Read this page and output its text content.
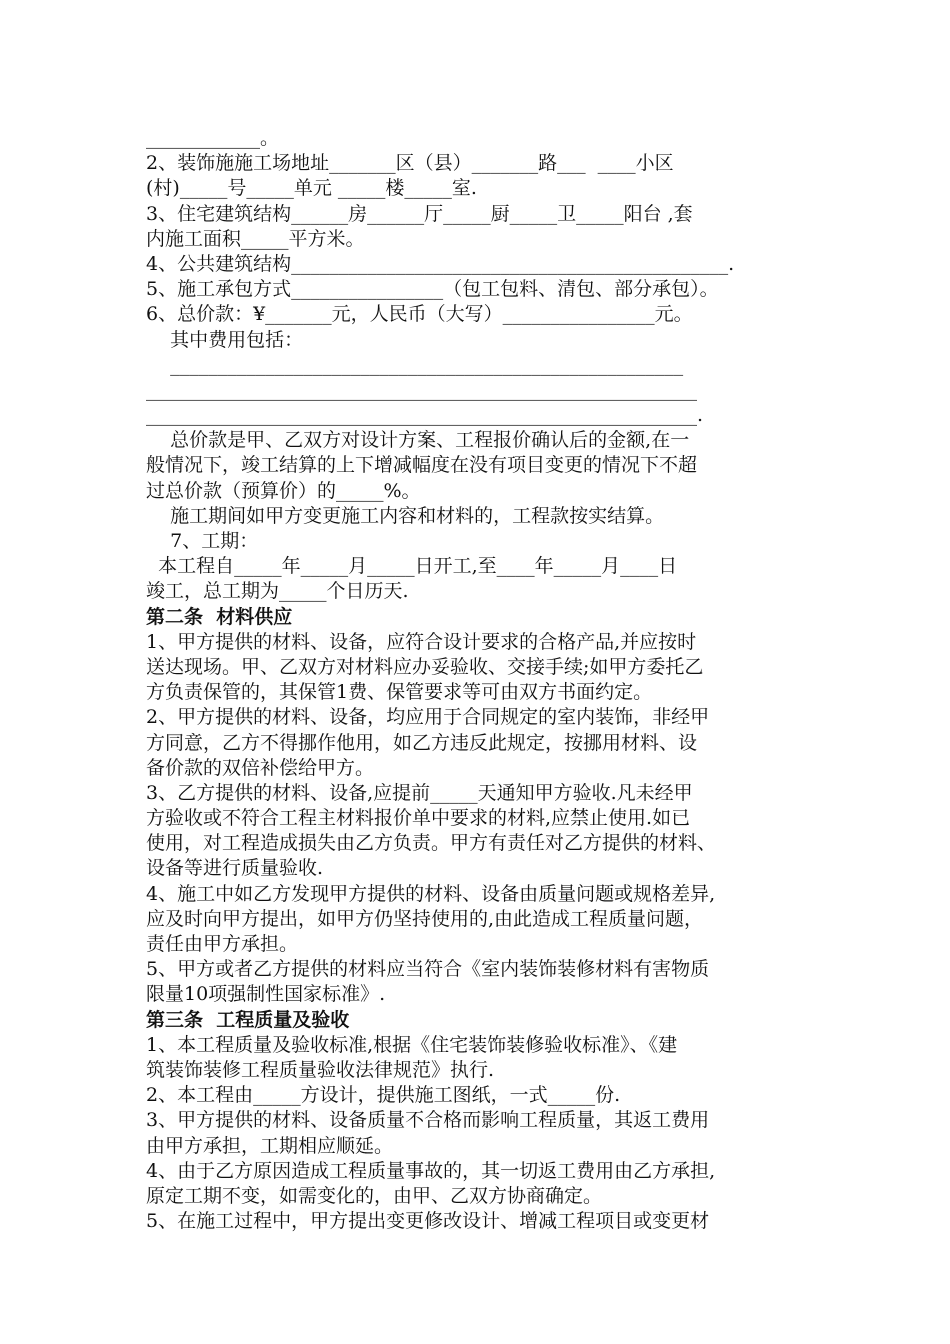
____________。
2、装饰施施工场地址_______区（县）_______路___  ____小区
(村)_____号_____单元 _____楼_____室.
3、住宅建筑结构______房______厅_____厨_____卫_____阳台 ,套
内施工面积_____平方米。
4、公共建筑结构______________________________________________.
5、施工承包方式________________（包工包料、清包、部分承包）。
6、总价款：¥_______元，人民币（大写）________________元。
其中费用包括：
______________________________________________________
__________________________________________________________
__________________________________________________________.
总价款是甲、乙双方对设计方案、工程报价确认后的金额,在一
般情况下，竣工结算的上下增减幅度在没有项目变更的情况下不超
过总价款（预算价）的_____%。
施工期间如甲方变更施工内容和材料的，工程款按实结算。
7、工期：
本工程自_____年_____月_____日开工,至____年_____月____日
竣工，总工期为_____个日历天.
第二条  材料供应
1、甲方提供的材料、设备，应符合设计要求的合格产品,并应按时
送达现场。甲、乙双方对材料应办妥验收、交接手续;如甲方委托乙
方负责保管的，其保管1费、保管要求等可由双方书面约定。
2、甲方提供的材料、设备，均应用于合同规定的室内装饰，非经甲
方同意，乙方不得挪作他用，如乙方违反此规定，按挪用材料、设
备价款的双倍补偿给甲方。
3、乙方提供的材料、设备,应提前_____天通知甲方验收.凡未经甲
方验收或不符合工程主材料报价单中要求的材料,应禁止使用.如已
使用，对工程造成损失由乙方负责。甲方有责任对乙方提供的材料、
设备等进行质量验收.
4、施工中如乙方发现甲方提供的材料、设备由质量问题或规格差异,
应及时向甲方提出，如甲方仍坚持使用的,由此造成工程质量问题，
责任由甲方承担。
5、甲方或者乙方提供的材料应当符合《室内装饰装修材料有害物质
限量10项强制性国家标准》.
第三条  工程质量及验收
1、本工程质量及验收标准,根据《住宅装饰装修验收标准》、《建
筑装饰装修工程质量验收法律规范》执行.
2、本工程由_____方设计，提供施工图纸，一式_____份.
3、甲方提供的材料、设备质量不合格而影响工程质量，其返工费用
由甲方承担，工期相应顺延。
4、由于乙方原因造成工程质量事故的，其一切返工费用由乙方承担,
原定工期不变，如需变化的，由甲、乙双方协商确定。
5、在施工过程中，甲方提出变更修改设计、增减工程项目或变更材
